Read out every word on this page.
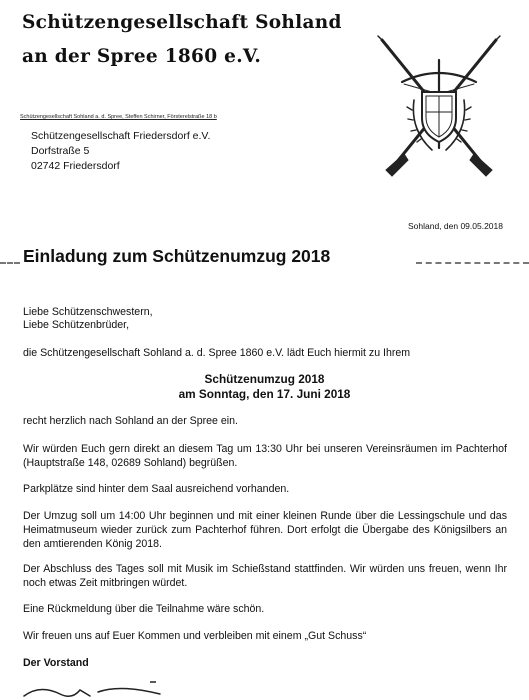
Schützengesellschaft Sohland
an der Spree 1860 e.V.
Schützengesellschaft Sohland a. d. Spree, Steffen Schirner, Försterelstraße 18 b
Schützengesellschaft Friedersdorf e.V.
Dorfstraße 5
02742 Friedersdorf
Sohland, den 09.05.2018
Einladung zum Schützenumzug 2018
Liebe Schützenschwestern,
Liebe Schützenbrüder,
die Schützengesellschaft Sohland a. d. Spree 1860 e.V. lädt Euch hiermit zu Ihrem
Schützenumzug 2018
am Sonntag, den 17. Juni 2018
recht herzlich nach Sohland an der Spree ein.
Wir würden Euch gern direkt an diesem Tag um 13:30 Uhr bei unseren Vereinsräumen im Pachterhof (Hauptstraße 148, 02689 Sohland) begrüßen.
Parkplätze sind hinter dem Saal ausreichend vorhanden.
Der Umzug soll um 14:00 Uhr beginnen und mit einer kleinen Runde über die Lessingschule und das Heimatmuseum wieder zurück zum Pachterhof führen. Dort erfolgt die Übergabe des Königsilbers an den amtierenden König 2018.
Der Abschluss des Tages soll mit Musik im Schießstand stattfinden. Wir würden uns freuen, wenn Ihr noch etwas Zeit mitbringen würdet.
Eine Rückmeldung über die Teilnahme wäre schön.
Wir freuen uns auf Euer Kommen und verbleiben mit einem „Gut Schuss“
Der Vorstand
